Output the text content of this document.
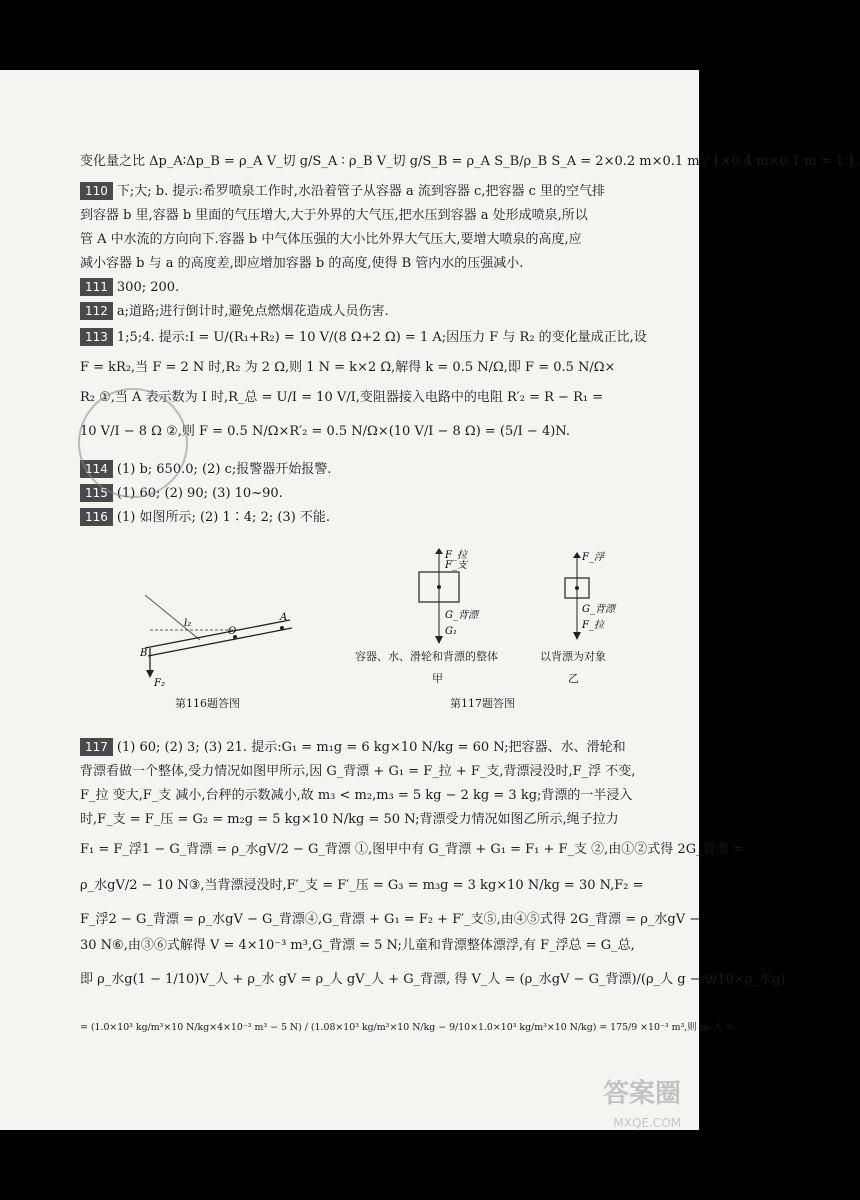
变化量之比 Δp_A∶Δp_B = ρ_A V_切 g/S_A ∶ ρ_B V_切 g/S_B = ρ_A S_B/ρ_B S_A = 2×0.2 m×0.1 m / 1×0.4 m×0.1 m = 1∶1.
110 下;大; b. 提示:希罗喷泉工作时,水沿着管子从容器 a 流到容器 c,把容器 c 里的空气排
到容器 b 里,容器 b 里面的气压增大,大于外界的大气压,把水压到容器 a 处形成喷泉,所以
管 A 中水流的方向向下.容器 b 中气体压强的大小比外界大气压大,要增大喷泉的高度,应
减小容器 b 与 a 的高度差,即应增加容器 b 的高度,使得 B 管内水的压强减小.
111 300; 200.
112 a;道路;进行倒计时,避免点燃烟花造成人员伤害.
113 1;5;4. 提示:I = U/(R₁+R₂) = 10 V/(8 Ω+2 Ω) = 1 A;因压力 F 与 R₂ 的变化量成正比,设
F = kR₂,当 F = 2 N 时,R₂ 为 2 Ω,则 1 N = k×2 Ω,解得 k = 0.5 N/Ω,即 F = 0.5 N/Ω×
R₂ ①,当 A 表示数为 I 时,R_总 = U/I = 10 V/I,变阻器接入电路中的电阻 R′₂ = R − R₁ =
10 V/I − 8 Ω ②,则 F = 0.5 N/Ω×R′₂ = 0.5 N/Ω×(10 V/I − 8 Ω) = (5/I − 4)N.
114 (1) b; 650.0; (2) c;报警器开始报警.
115 (1) 60; (2) 90; (3) 10~90.
116 (1) 如图所示; (2) 1∶4; 2; (3) 不能.
l₂
O
A
B
F₂
第116题答图
F_拉
F_支
G_背漂
G₁
F_浮
G_背漂
F_拉
容器、水、滑轮和背漂的整体	以背漂为对象
甲	乙
第117题答图
117 (1) 60; (2) 3; (3) 21. 提示:G₁ = m₁g = 6 kg×10 N/kg = 60 N;把容器、水、滑轮和
背漂看做一个整体,受力情况如图甲所示,因 G_背漂 + G₁ = F_拉 + F_支,背漂浸没时,F_浮 不变,
F_拉 变大,F_支 减小,台秤的示数减小,故 m₃ < m₂,m₃ = 5 kg − 2 kg = 3 kg;背漂的一半浸入
时,F_支 = F_压 = G₂ = m₂g = 5 kg×10 N/kg = 50 N;背漂受力情况如图乙所示,绳子拉力
F₁ = F_浮1 − G_背漂 = ρ_水gV/2 − G_背漂 ①,图甲中有 G_背漂 + G₁ = F₁ + F_支 ②,由①②式得 2G_背漂 =
ρ_水gV/2 − 10 N③,当背漂浸没时,F′_支 = F′_压 = G₃ = m₃g = 3 kg×10 N/kg = 30 N,F₂ =
F_浮2 − G_背漂 = ρ_水gV − G_背漂④,G_背漂 + G₁ = F₂ + F′_支⑤,由④⑤式得 2G_背漂 = ρ_水gV −
30 N⑥,由③⑥式解得 V = 4×10⁻³ m³,G_背漂 = 5 N;儿童和背漂整体漂浮,有 F_浮总 = G_总,
即 ρ_水g(1 − 1/10)V_人 + ρ_水 gV = ρ_人 gV_人 + G_背漂, 得 V_人 = (ρ_水gV − G_背漂)/(ρ_人 g − 9/10×ρ_水g)
= (1.0×10³ kg/m³×10 N/kg×4×10⁻³ m³ − 5 N) / (1.08×10³ kg/m³×10 N/kg − 9/10×1.0×10³ kg/m³×10 N/kg) = 175/9 ×10⁻³ m³,则 m_人 =
答案圈
MXQE.COM
